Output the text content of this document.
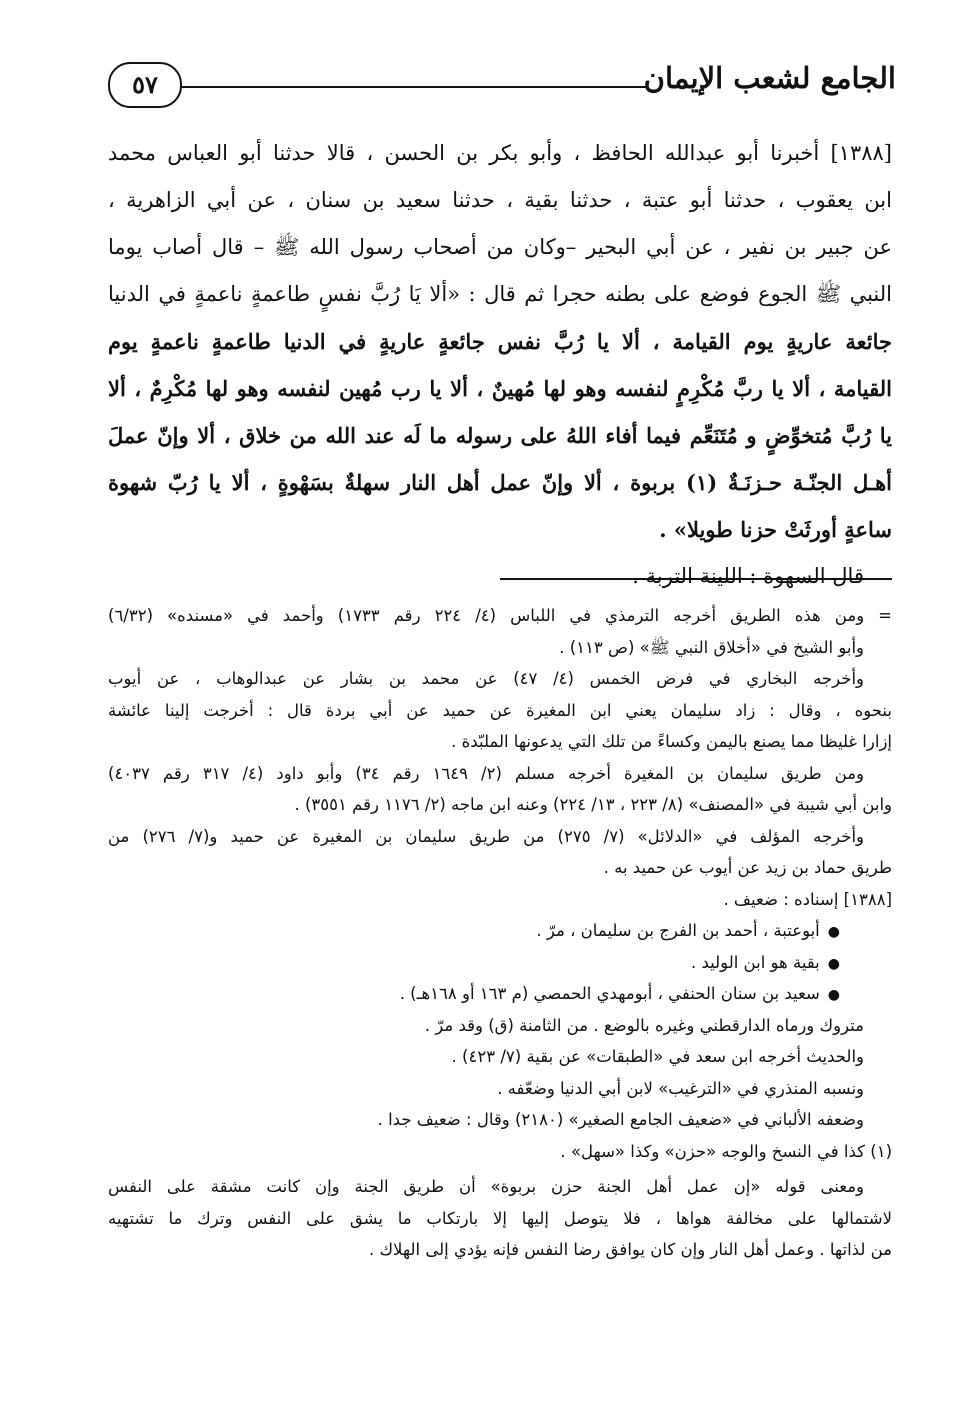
الجامع لشعب الإيمان
٥٧
[١٣٨٨] أخبرنا أبو عبدالله الحافظ ، وأبو بكر بن الحسن ، قالا حدثنا أبو العباس محمد
ابن يعقوب ، حدثنا أبو عتبة ، حدثنا بقية ، حدثنا سعيد بن سنان ، عن أبي الزاهرية ،
عن جبير بن نفير ، عن أبي البحير –وكان من أصحاب رسول الله ﷺ – قال أصاب يوما
النبي ﷺ الجوع فوضع على بطنه حجرا ثم قال : «ألا يَا رُبَّ نفسٍ طاعمةٍ ناعمةٍ في الدنيا
جائعة عاريةٍ يوم القيامة ، ألا يا رُبَّ نفس جائعةٍ عاريةٍ في الدنيا طاعمةٍ ناعمةٍ يوم
القيامة ، ألا يا ربَّ مُكْرِمٍ لنفسه وهو لها مُهينٌ ، ألا يا رب مُهين لنفسه وهو لها مُكْرِمٌ ، ألا
يا رُبَّ مُتخوِّضٍ و مُتَنَعِّم فيما أفاء اللهُ على رسوله ما لَه عند الله من خلاق ، ألا وإنّ عملَ
أهـل الجنّـة حـزنَـةٌ (١) بربوة ، ألا وإنّ عمل أهل النار سهلةٌ بسَهْوةٍ ، ألا يا رُبّ شهوة
ساعةٍ أورثَتْ حزنا طويلا» .
قال السهوة : اللينة التربة .
= ومن هذه الطريق أخرجه الترمذي في اللباس (٤/ ٢٢٤ رقم ١٧٣٣) وأحمد في «مسنده» (٦/٣٢)
وأبو الشيخ في «أخلاق النبي ﷺ» (ص ١١٣) .
وأخرجه البخاري في فرض الخمس (٤/ ٤٧) عن محمد بن بشار عن عبدالوهاب ، عن أيوب
بنحوه ، وقال : زاد سليمان يعني ابن المغيرة عن حميد عن أبي بردة قال : أخرجت إلينا عائشة
إزارا غليظا مما يصنع باليمن وكساءً من تلك التي يدعونها الملبّدة .
ومن طريق سليمان بن المغيرة أخرجه مسلم (٢/ ١٦٤٩ رقم ٣٤) وأبو داود (٤/ ٣١٧ رقم ٤٠٣٧)
وابن أبي شيبة في «المصنف» (٨/ ٢٢٣ ، ١٣/ ٢٢٤) وعنه ابن ماجه (٢/ ١١٧٦ رقم ٣٥٥١) .
وأخرجه المؤلف في «الدلائل» (٧/ ٢٧٥) من طريق سليمان بن المغيرة عن حميد و(٧/ ٢٧٦) من
طريق حماد بن زيد عن أيوب عن حميد به .
[١٣٨٨] إسناده : ضعيف .
●أبوعتبة ، أحمد بن الفرج بن سليمان ، مرّ .
●بقية هو ابن الوليد .
●سعيد بن سنان الحنفي ، أبومهدي الحمصي (م ١٦٣ أو ١٦٨هـ) .
متروك ورماه الدارقطني وغيره بالوضع . من الثامنة (ق) وقد مرّ .
والحديث أخرجه ابن سعد في «الطبقات» عن بقية (٧/ ٤٢٣) .
ونسبه المنذري في «الترغيب» لابن أبي الدنيا وضعّفه .
وضعفه الألباني في «ضعيف الجامع الصغير» (٢١٨٠) وقال : ضعيف جدا .
(١) كذا في النسخ والوجه «حزن» وكذا «سهل» .
ومعنى قوله «إن عمل أهل الجنة حزن بربوة» أن طريق الجنة وإن كانت مشقة على النفس
لاشتمالها على مخالفة هواها ، فلا يتوصل إليها إلا بارتكاب ما يشق على النفس وترك ما تشتهيه
من لذاتها . وعمل أهل النار وإن كان يوافق رضا النفس فإنه يؤدي إلى الهلاك .
